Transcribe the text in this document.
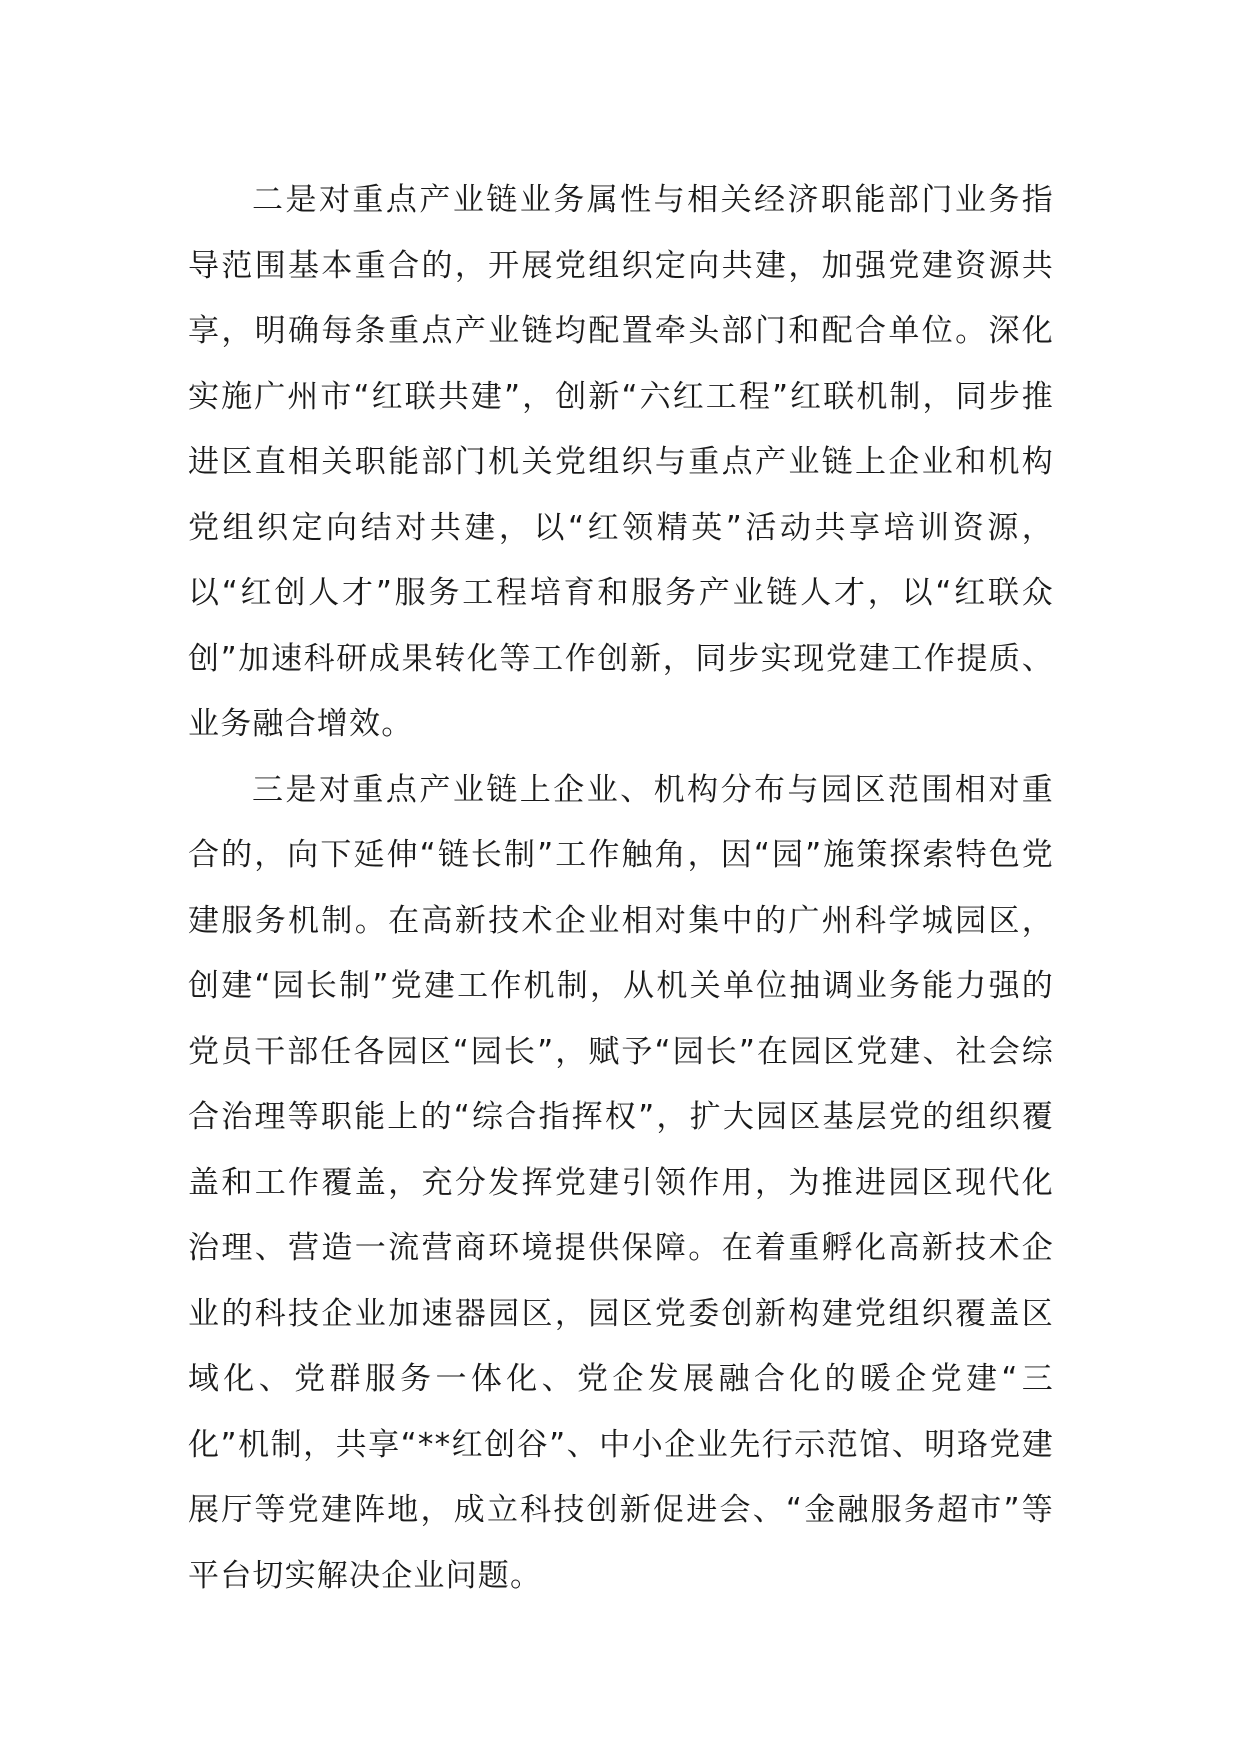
二是对重点产业链业务属性与相关经济职能部门业务指导范围基本重合的，开展党组织定向共建，加强党建资源共享，明确每条重点产业链均配置牵头部门和配合单位。深化实施广州市“红联共建”，创新“六红工程”红联机制，同步推进区直相关职能部门机关党组织与重点产业链上企业和机构党组织定向结对共建，以“红领精英”活动共享培训资源，以“红创人才”服务工程培育和服务产业链人才，以“红联众创”加速科研成果转化等工作创新，同步实现党建工作提质、业务融合增效。

三是对重点产业链上企业、机构分布与园区范围相对重合的，向下延伸“链长制”工作触角，因“园”施策探索特色党建服务机制。在高新技术企业相对集中的广州科学城园区，创建“园长制”党建工作机制，从机关单位抽调业务能力强的党员干部任各园区“园长”，赋予“园长”在园区党建、社会综合治理等职能上的“综合指挥权”，扩大园区基层党的组织覆盖和工作覆盖，充分发挥党建引领作用，为推进园区现代化治理、营造一流营商环境提供保障。在着重孵化高新技术企业的科技企业加速器园区，园区党委创新构建党组织覆盖区域化、党群服务一体化、党企发展融合化的暖企党建“三化”机制，共享“**红创谷”、中小企业先行示范馆、明珞党建展厅等党建阵地，成立科技创新促进会、“金融服务超市”等平台切实解决企业问题。
